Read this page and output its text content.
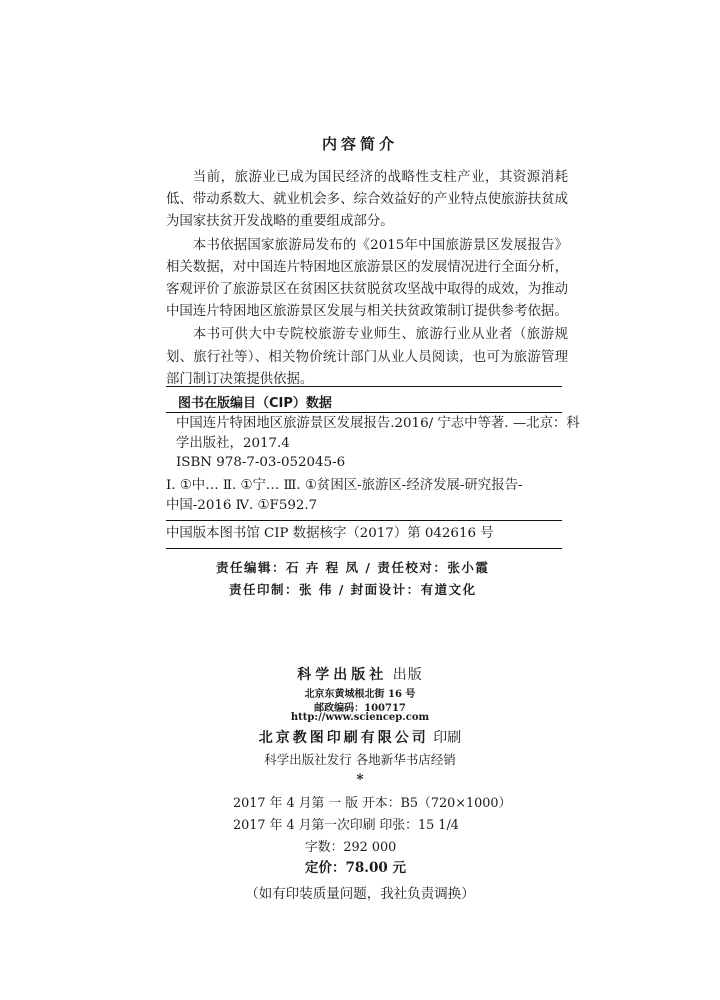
内容简介

当前，旅游业已成为国民经济的战略性支柱产业，其资源消耗低、带动系数大、就业机会多、综合效益好的产业特点使旅游扶贫成为国家扶贫开发战略的重要组成部分。

本书依据国家旅游局发布的《2015年中国旅游景区发展报告》相关数据，对中国连片特困地区旅游景区的发展情况进行全面分析，客观评价了旅游景区在贫困区扶贫脱贫攻坚战中取得的成效，为推动中国连片特困地区旅游景区发展与相关扶贫政策制订提供参考依据。

本书可供大中专院校旅游专业师生、旅游行业从业者（旅游规划、旅行社等）、相关物价统计部门从业人员阅读，也可为旅游管理部门制订决策提供依据。

图书在版编目（CIP）数据
中国连片特困地区旅游景区发展报告.2016/ 宁志中等著. —北京：科
学出版社，2017.4
ISBN 978-7-03-052045-6
Ⅰ. ①中… Ⅱ. ①宁… Ⅲ. ①贫困区-旅游区-经济发展-研究报告-
中国-2016 Ⅳ. ①F592.7
中国版本图书馆 CIP 数据核字（2017）第 042616 号
责任编辑：石 卉 程 凤 / 责任校对：张小霞
责任印制：张 伟 / 封面设计：有道文化
科学出版社 出版
北京东黄城根北街 16 号
邮政编码：100717
http://www.sciencep.com
北京教图印刷有限公司 印刷
科学出版社发行 各地新华书店经销
*
2017 年 4 月第 一 版 开本：B5（720×1000）
2017 年 4 月第一次印刷 印张：15 1/4
字数：292 000
定价：78.00 元
（如有印装质量问题，我社负责调换）
